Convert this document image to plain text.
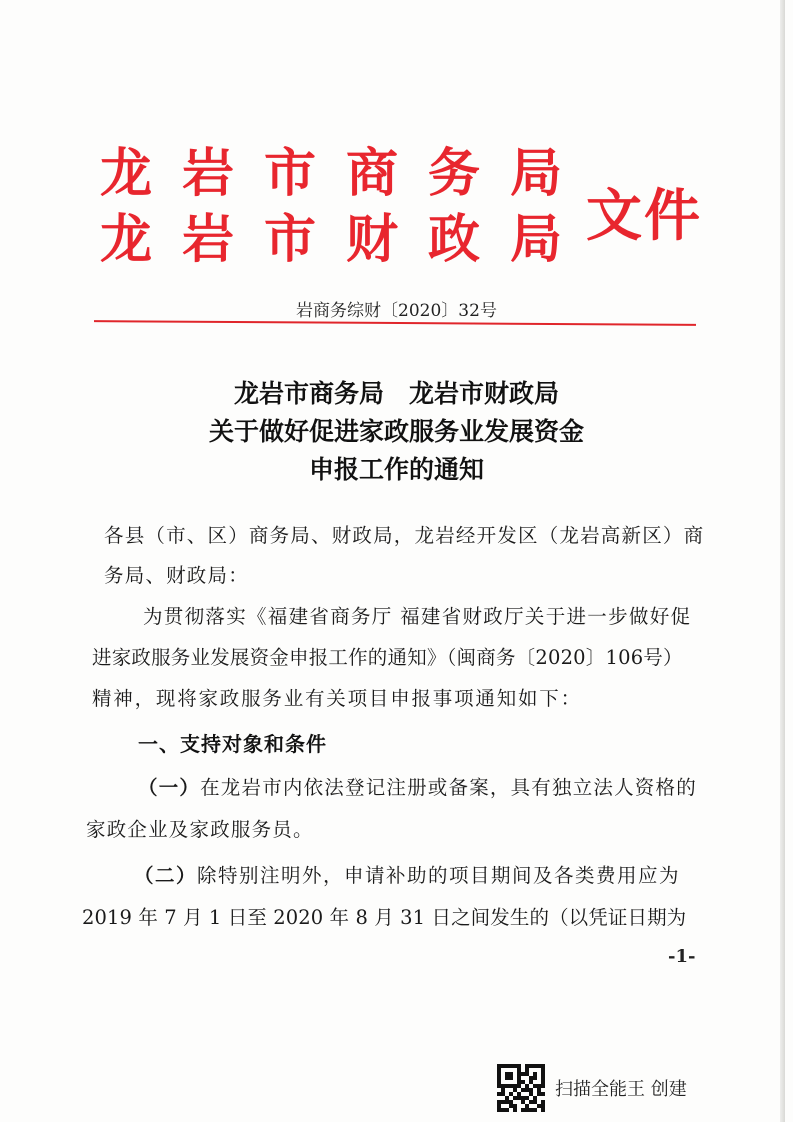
龙岩市商务局
龙岩市财政局
文件
岩商务综财〔2020〕32号
龙岩市商务局　龙岩市财政局
关于做好促进家政服务业发展资金
申报工作的通知
各县（市、区）商务局、财政局，龙岩经开发区（龙岩高新区）商
务局、财政局：
为贯彻落实《福建省商务厅 福建省财政厅关于进一步做好促
进家政服务业发展资金申报工作的通知》（闽商务〔2020〕106号）
精神，现将家政服务业有关项目申报事项通知如下：
一、支持对象和条件
（一）在龙岩市内依法登记注册或备案，具有独立法人资格的
家政企业及家政服务员。
（二）除特别注明外，申请补助的项目期间及各类费用应为
2019 年 7 月 1 日至 2020 年 8 月 31 日之间发生的（以凭证日期为
-1-
扫描全能王 创建
